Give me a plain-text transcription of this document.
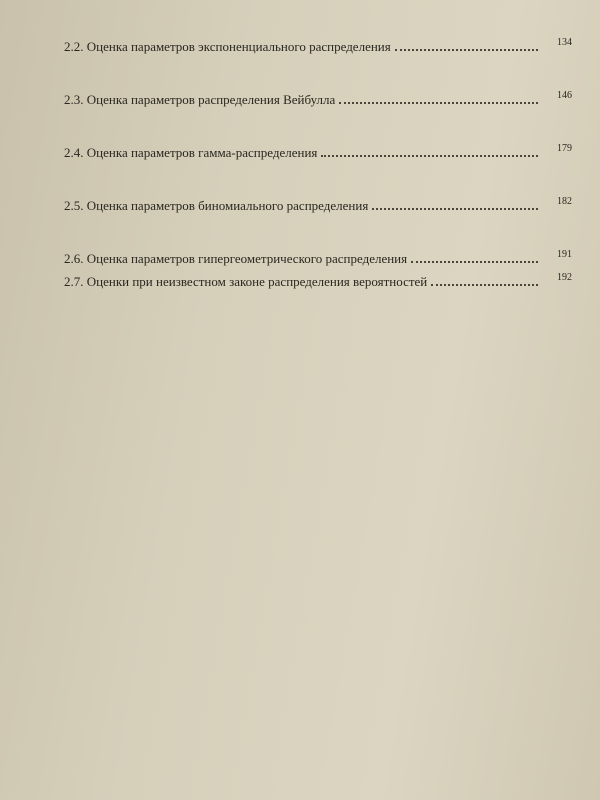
2.2. Оценка параметров экспоненциального распределения	134

2.3. Оценка параметров распределения Вейбулла	146

2.4. Оценка параметров гамма-распределения	179

2.5. Оценка параметров биномиального распределения	182

2.6. Оценка параметров гипергеометрического распределения	191
2.7. Оценки при неизвестном законе распределения вероятностей	192
